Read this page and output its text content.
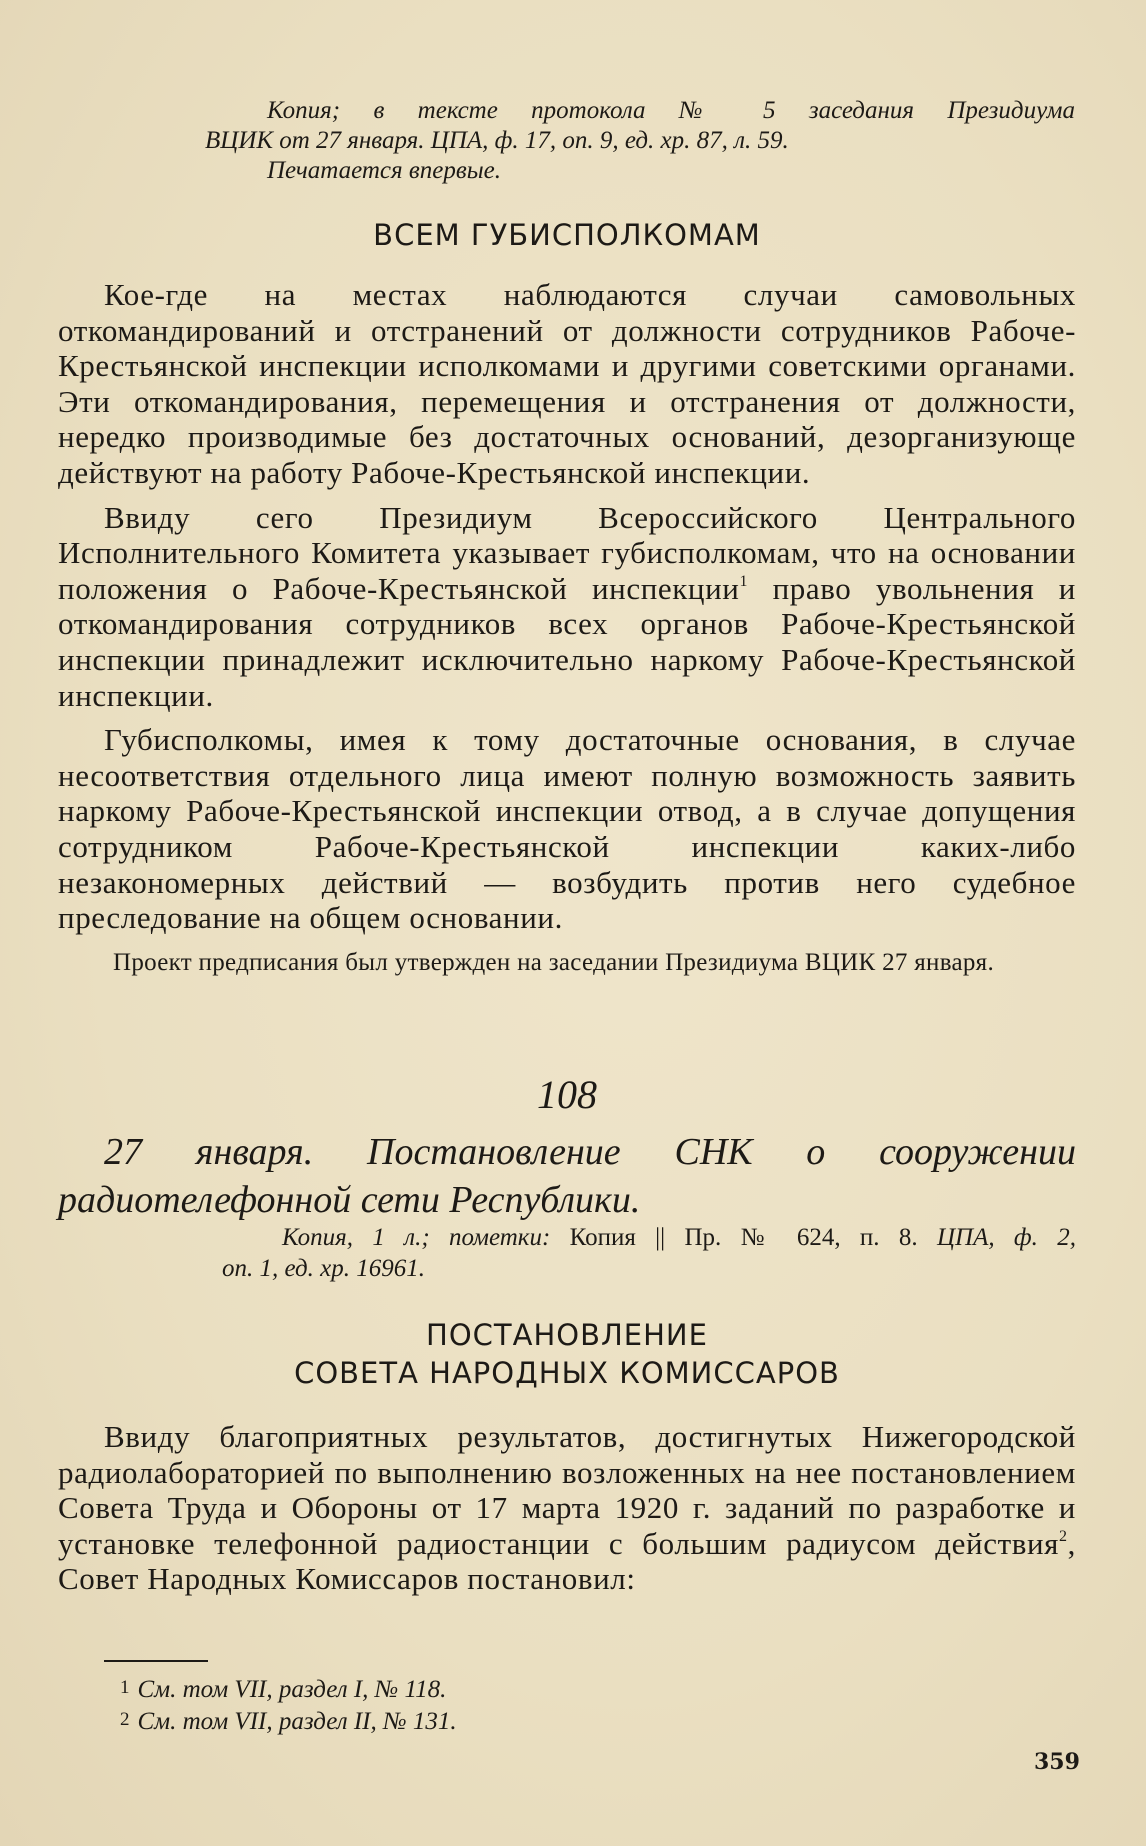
Копия; в тексте протокола № 5 заседания Президиума
ВЦИК от 27 января. ЦПА, ф. 17, оп. 9, ед. хр. 87, л. 59.
Печатается впервые.
ВСЕМ ГУБИСПОЛКОМАМ

Кое-где на местах наблюдаются случаи самовольных откомандирований и отстранений от должности сотрудников Рабоче-Крестьянской инспекции исполкомами и другими советскими органами. Эти откомандирования, перемещения и отстранения от должности, нередко производимые без достаточных оснований, дезорганизующе действуют на работу Рабоче-Крестьянской инспекции.

Ввиду сего Президиум Всероссийского Центрального Исполнительного Комитета указывает губисполкомам, что на основании положения о Рабоче-Крестьянской инспекции$^1$ право увольнения и откомандирования сотрудников всех органов Рабоче-Крестьянской инспекции принадлежит исключительно наркому Рабоче-Крестьянской инспекции.

Губисполкомы, имея к тому достаточные основания, в случае несоответствия отдельного лица имеют полную возможность заявить наркому Рабоче-Крестьянской инспекции отвод, а в случае допущения сотрудником Рабоче-Крестьянской инспекции каких-либо незакономерных действий — возбудить против него судебное преследование на общем основании.

Проект предписания был утвержден на заседании Президиума ВЦИК 27 января.
108
27 января. Постановление СНК о сооружении радиотелефонной сети Республики.
Копия, 1 л.; пометки: Копия || Пр. № 624, п. 8. ЦПА, ф. 2,
оп. 1, ед. хр. 16961.
ПОСТАНОВЛЕНИЕ
СОВЕТА НАРОДНЫХ КОМИССАРОВ

Ввиду благоприятных результатов, достигнутых Нижегородской радиолабораторией по выполнению возложенных на нее постановлением Совета Труда и Обороны от 17 марта 1920 г. заданий по разработке и установке телефонной радиостанции с большим радиусом действия$^2$, Совет Народных Комиссаров постановил:

1 См. том VII, раздел I, № 118.
2 См. том VII, раздел II, № 131.
359
